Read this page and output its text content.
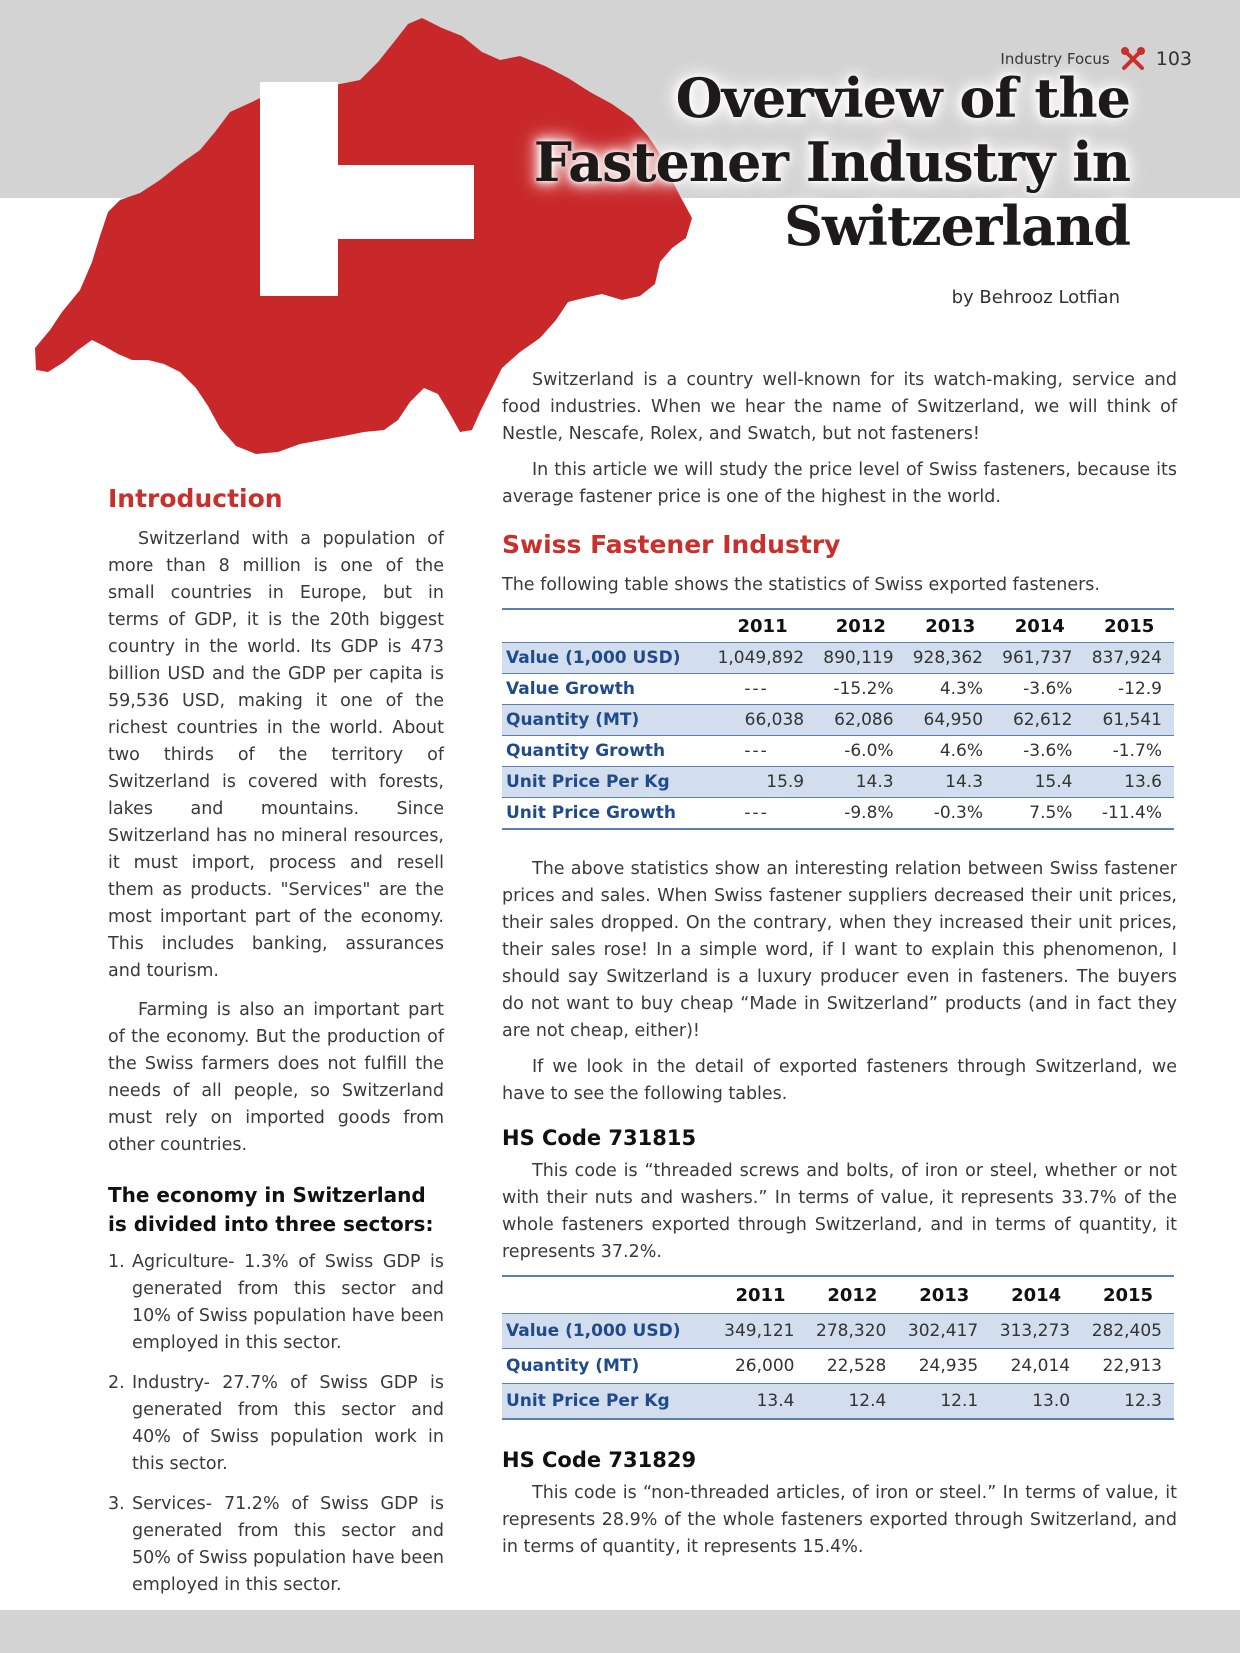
Industry Focus 103
Overview of the
Fastener Industry in
Switzerland
by Behrooz Lotfian

Switzerland is a country well-known for its watch-making, service and food industries. When we hear the name of Switzerland, we will think of Nestle, Nescafe, Rolex, and Swatch, but not fasteners!

In this article we will study the price level of Swiss fasteners, because its average fastener price is one of the highest in the world.

Introduction

Switzerland with a population of more than 8 million is one of the small countries in Europe, but in terms of GDP, it is the 20th biggest country in the world. Its GDP is 473 billion USD and the GDP per capita is 59,536 USD, making it one of the richest countries in the world. About two thirds of the territory of Switzerland is covered with forests, lakes and mountains. Since Switzerland has no mineral resources, it must import, process and resell them as products. "Services" are the most important part of the economy. This includes banking, assurances and tourism.

Farming is also an important part of the economy. But the production of the Swiss farmers does not fulfill the needs of all people, so Switzerland must rely on imported goods from other countries.

The economy in Switzerland is divided into three sectors:
1. Agriculture- 1.3% of Swiss GDP is generated from this sector and 10% of Swiss population have been employed in this sector.
2. Industry- 27.7% of Swiss GDP is generated from this sector and 40% of Swiss population work in this sector.
3. Services- 71.2% of Swiss GDP is generated from this sector and 50% of Swiss population have been employed in this sector.
Swiss Fastener Industry

The following table shows the statistics of Swiss exported fasteners.

	2011	2012	2013	2014	2015
Value (1,000 USD)	1,049,892	890,119	928,362	961,737	837,924
Value Growth	---	-15.2%	4.3%	-3.6%	-12.9
Quantity (MT)	66,038	62,086	64,950	62,612	61,541
Quantity Growth	---	-6.0%	4.6%	-3.6%	-1.7%
Unit Price Per Kg	15.9	14.3	14.3	15.4	13.6
Unit Price Growth	---	-9.8%	-0.3%	7.5%	-11.4%

The above statistics show an interesting relation between Swiss fastener prices and sales. When Swiss fastener suppliers decreased their unit prices, their sales dropped. On the contrary, when they increased their unit prices, their sales rose! In a simple word, if I want to explain this phenomenon, I should say Switzerland is a luxury producer even in fasteners. The buyers do not want to buy cheap “Made in Switzerland” products (and in fact they are not cheap, either)!

If we look in the detail of exported fasteners through Switzerland, we have to see the following tables.

HS Code 731815

This code is “threaded screws and bolts, of iron or steel, whether or not with their nuts and washers.” In terms of value, it represents 33.7% of the whole fasteners exported through Switzerland, and in terms of quantity, it represents 37.2%.

	2011	2012	2013	2014	2015
Value (1,000 USD)	349,121	278,320	302,417	313,273	282,405
Quantity (MT)	26,000	22,528	24,935	24,014	22,913
Unit Price Per Kg	13.4	12.4	12.1	13.0	12.3
HS Code 731829

This code is “non-threaded articles, of iron or steel.” In terms of value, it represents 28.9% of the whole fasteners exported through Switzerland, and in terms of quantity, it represents 15.4%.
